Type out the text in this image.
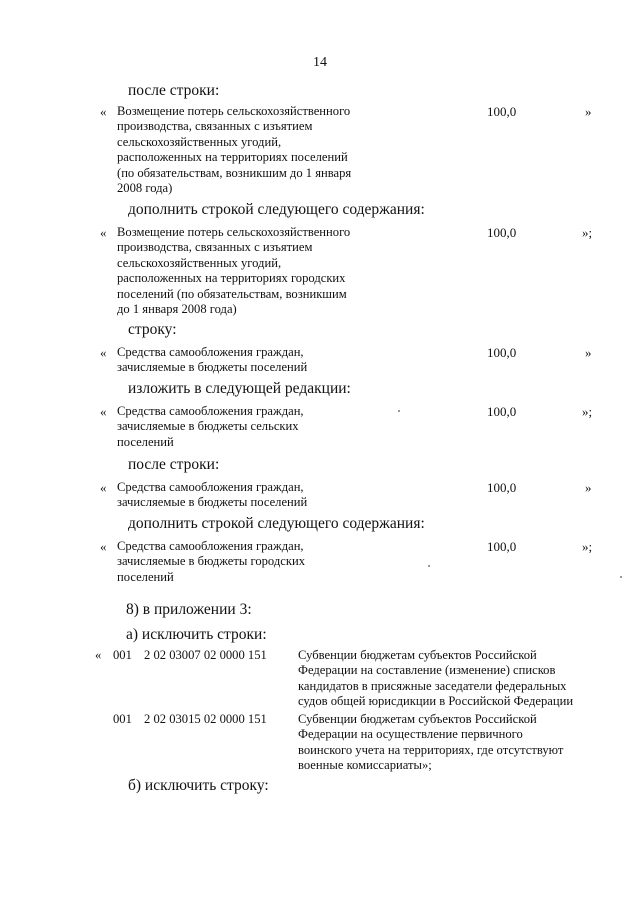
14
после строки:
« Возмещение потерь сельскохозяйственного
производства, связанных с изъятием
сельскохозяйственных угодий,
расположенных на территориях поселений
(по обязательствам, возникшим до 1 января
2008 года)
100,0	»
дополнить строкой следующего содержания:
« Возмещение потерь сельскохозяйственного
производства, связанных с изъятием
сельскохозяйственных угодий,
расположенных на территориях городских
поселений (по обязательствам, возникшим
до 1 января 2008 года)
100,0	»;
строку:
« Средства самообложения граждан,
зачисляемые в бюджеты поселений
100,0	»
изложить в следующей редакции:
« Средства самообложения граждан,
зачисляемые в бюджеты сельских
поселений
100,0	»;
после строки:
« Средства самообложения граждан,
зачисляемые в бюджеты поселений
100,0	»
дополнить строкой следующего содержания:
« Средства самообложения граждан,
зачисляемые в бюджеты городских
поселений
100,0	»;
8) в приложении 3:
а) исключить строки:
« 001 2 02 03007 02 0000 151 Субвенции бюджетам субъектов Российской
Федерации на составление (изменение) списков
кандидатов в присяжные заседатели федеральных
судов общей юрисдикции в Российской Федерации
001 2 02 03015 02 0000 151 Субвенции бюджетам субъектов Российской
Федерации на осуществление первичного
воинского учета на территориях, где отсутствуют
военные комиссариаты»;
б) исключить строку:
